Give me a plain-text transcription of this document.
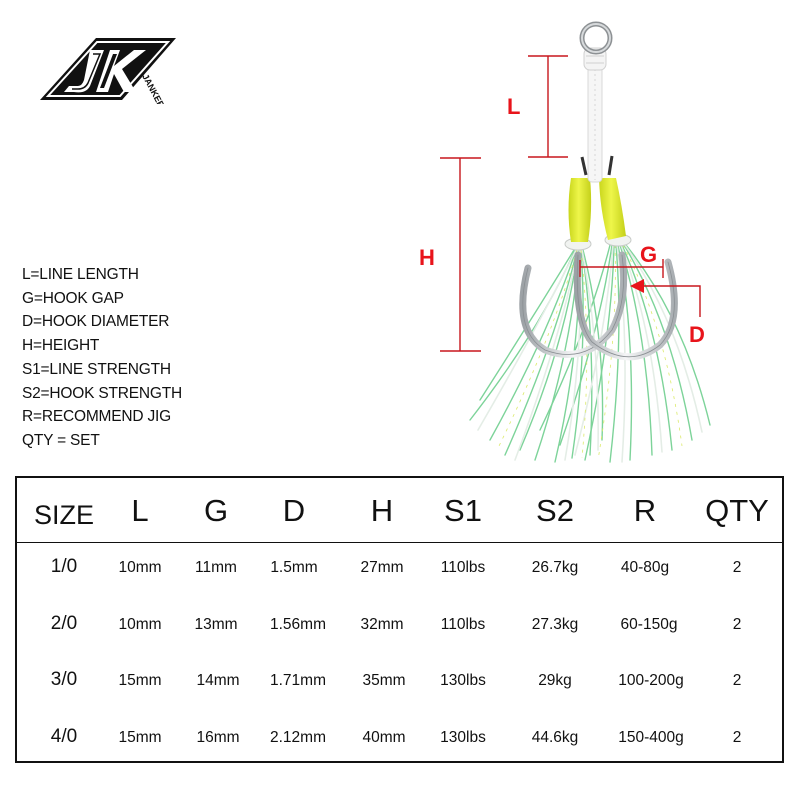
JANKER
L=LINE LENGTH
G=HOOK GAP
D=HOOK DIAMETER
H=HEIGHT
S1=LINE STRENGTH
S2=HOOK STRENGTH
R=RECOMMEND JIG
QTY = SET
L
H	G
D
SIZE L G D H S1 S2 R QTY
1/0	10mm 11mm 1.5mm	27mm 110lbs	26.7kg	40-80g	2
2/0	10mm 13mm 1.56mm 32mm 110lbs	27.3kg	60-150g	2
3/0	15mm 14mm 1.71mm 35mm 130lbs	29kg	100-200g	2
4/0	15mm 16mm 2.12mm 40mm 130lbs	44.6kg	150-400g	2
